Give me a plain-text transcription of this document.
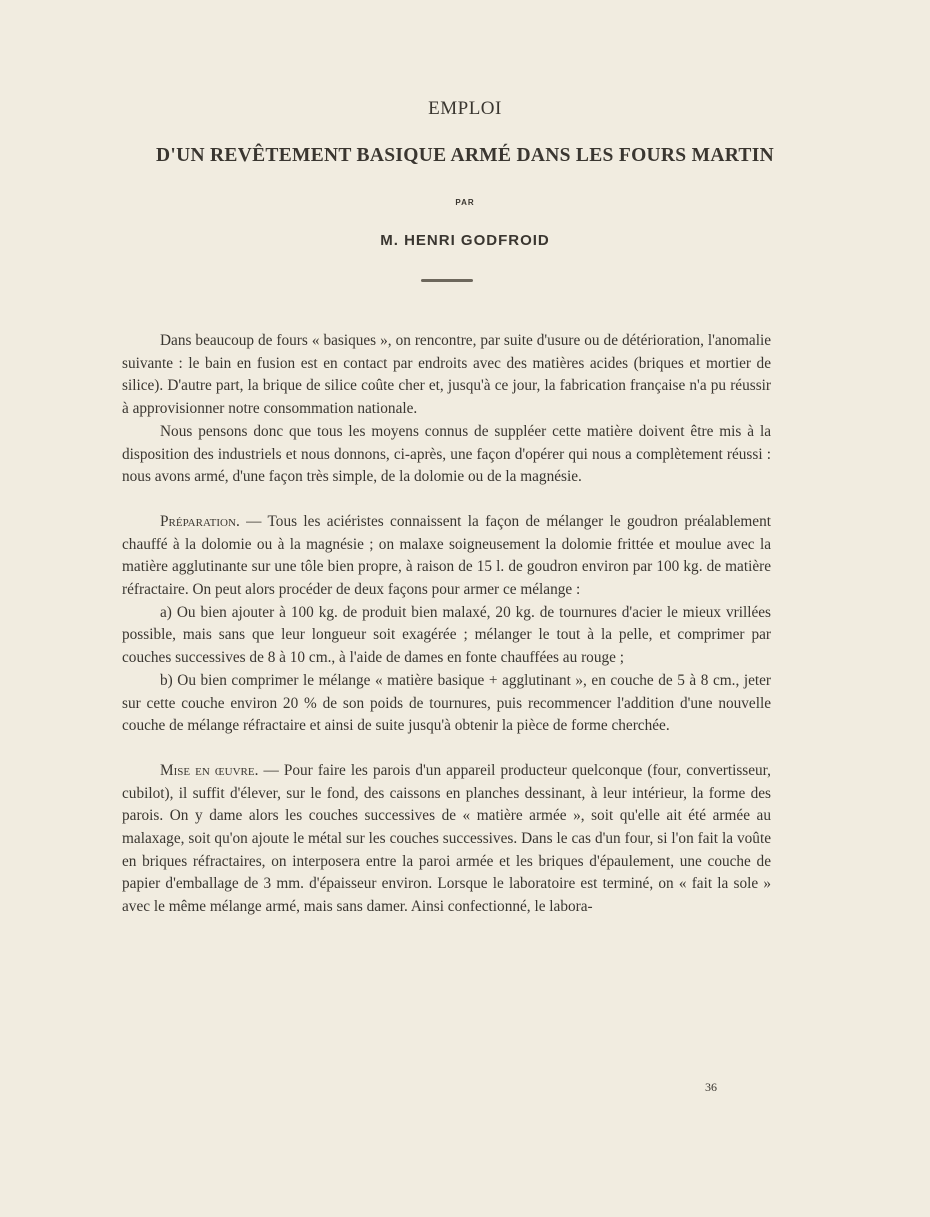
EMPLOI
D'UN REVÊTEMENT BASIQUE ARMÉ DANS LES FOURS MARTIN
PAR
M. HENRI GODFROID

Dans beaucoup de fours « basiques », on rencontre, par suite d'usure ou de détérioration, l'anomalie suivante : le bain en fusion est en contact par endroits avec des matières acides (briques et mortier de silice). D'autre part, la brique de silice coûte cher et, jusqu'à ce jour, la fabrication française n'a pu réussir à approvisionner notre consommation nationale.

Nous pensons donc que tous les moyens connus de suppléer cette matière doivent être mis à la disposition des industriels et nous donnons, ci-après, une façon d'opérer qui nous a complètement réussi : nous avons armé, d'une façon très simple, de la dolomie ou de la magnésie.

Préparation. — Tous les aciéristes connaissent la façon de mélanger le goudron préalablement chauffé à la dolomie ou à la magnésie ; on malaxe soigneusement la dolomie frittée et moulue avec la matière agglutinante sur une tôle bien propre, à raison de 15 l. de goudron environ par 100 kg. de matière réfractaire. On peut alors procéder de deux façons pour armer ce mélange :

a) Ou bien ajouter à 100 kg. de produit bien malaxé, 20 kg. de tournures d'acier le mieux vrillées possible, mais sans que leur longueur soit exagérée ; mélanger le tout à la pelle, et comprimer par couches successives de 8 à 10 cm., à l'aide de dames en fonte chauffées au rouge ;

b) Ou bien comprimer le mélange « matière basique + agglutinant », en couche de 5 à 8 cm., jeter sur cette couche environ 20 % de son poids de tournures, puis recommencer l'addition d'une nouvelle couche de mélange réfractaire et ainsi de suite jusqu'à obtenir la pièce de forme cherchée.

Mise en œuvre. — Pour faire les parois d'un appareil producteur quelconque (four, convertisseur, cubilot), il suffit d'élever, sur le fond, des caissons en planches dessinant, à leur intérieur, la forme des parois. On y dame alors les couches successives de « matière armée », soit qu'elle ait été armée au malaxage, soit qu'on ajoute le métal sur les couches successives. Dans le cas d'un four, si l'on fait la voûte en briques réfractaires, on interposera entre la paroi armée et les briques d'épaulement, une couche de papier d'emballage de 3 mm. d'épaisseur environ. Lorsque le laboratoire est terminé, on « fait la sole » avec le même mélange armé, mais sans damer. Ainsi confectionné, le labora-

36
